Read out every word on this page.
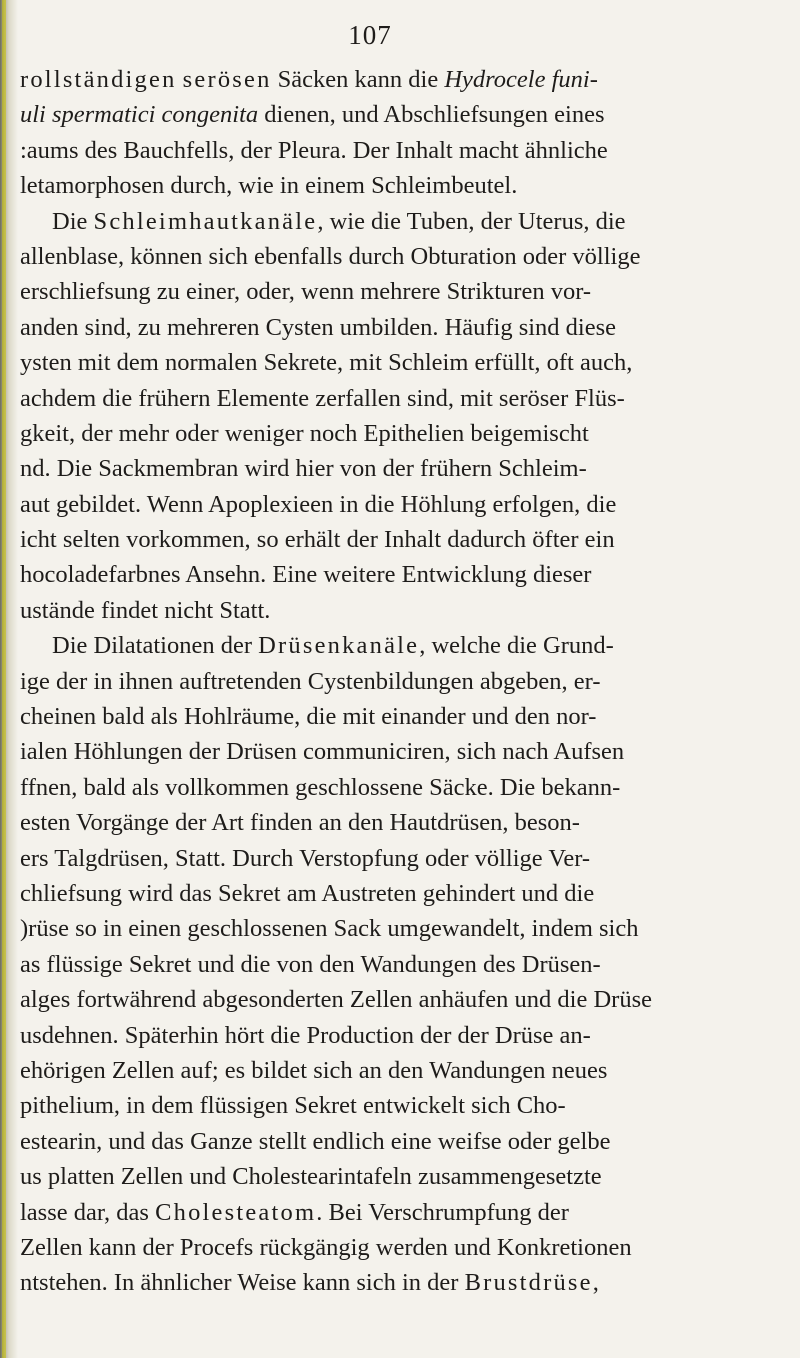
107
rollständigen serösen Säcken kann die Hydrocele funi-
uli spermatici congenita dienen, und Abschliefsungen eines
:aums des Bauchfells, der Pleura. Der Inhalt macht ähnliche
letamorphosen durch, wie in einem Schleimbeutel.
Die Schleimhautkanäle, wie die Tuben, der Uterus, die
allenblase, können sich ebenfalls durch Obturation oder völlige
erschliefsung zu einer, oder, wenn mehrere Strikturen vor-
anden sind, zu mehreren Cysten umbilden. Häufig sind diese
ysten mit dem normalen Sekrete, mit Schleim erfüllt, oft auch,
achdem die frühern Elemente zerfallen sind, mit seröser Flüs-
gkeit, der mehr oder weniger noch Epithelien beigemischt
nd. Die Sackmembran wird hier von der frühern Schleim-
aut gebildet. Wenn Apoplexieen in die Höhlung erfolgen, die
icht selten vorkommen, so erhält der Inhalt dadurch öfter ein
hocoladefarbnes Ansehn. Eine weitere Entwicklung dieser
ustände findet nicht Statt.
Die Dilatationen der Drüsenkanäle, welche die Grund-
ige der in ihnen auftretenden Cystenbildungen abgeben, er-
cheinen bald als Hohlräume, die mit einander und den nor-
ialen Höhlungen der Drüsen communiciren, sich nach Aufsen
ffnen, bald als vollkommen geschlossene Säcke. Die bekann-
esten Vorgänge der Art finden an den Hautdrüsen, beson-
ers Talgdrüsen, Statt. Durch Verstopfung oder völlige Ver-
chliefsung wird das Sekret am Austreten gehindert und die
)rüse so in einen geschlossenen Sack umgewandelt, indem sich
as flüssige Sekret und die von den Wandungen des Drüsen-
alges fortwährend abgesonderten Zellen anhäufen und die Drüse
usdehnen. Späterhin hört die Production der der Drüse an-
ehörigen Zellen auf; es bildet sich an den Wandungen neues
pithelium, in dem flüssigen Sekret entwickelt sich Cho-
estearin, und das Ganze stellt endlich eine weifse oder gelbe
us platten Zellen und Cholestearintafeln zusammengesetzte
lasse dar, das Cholesteatom. Bei Verschrumpfung der
Zellen kann der Procefs rückgängig werden und Konkretionen
ntstehen. In ähnlicher Weise kann sich in der Brustdrüse,
